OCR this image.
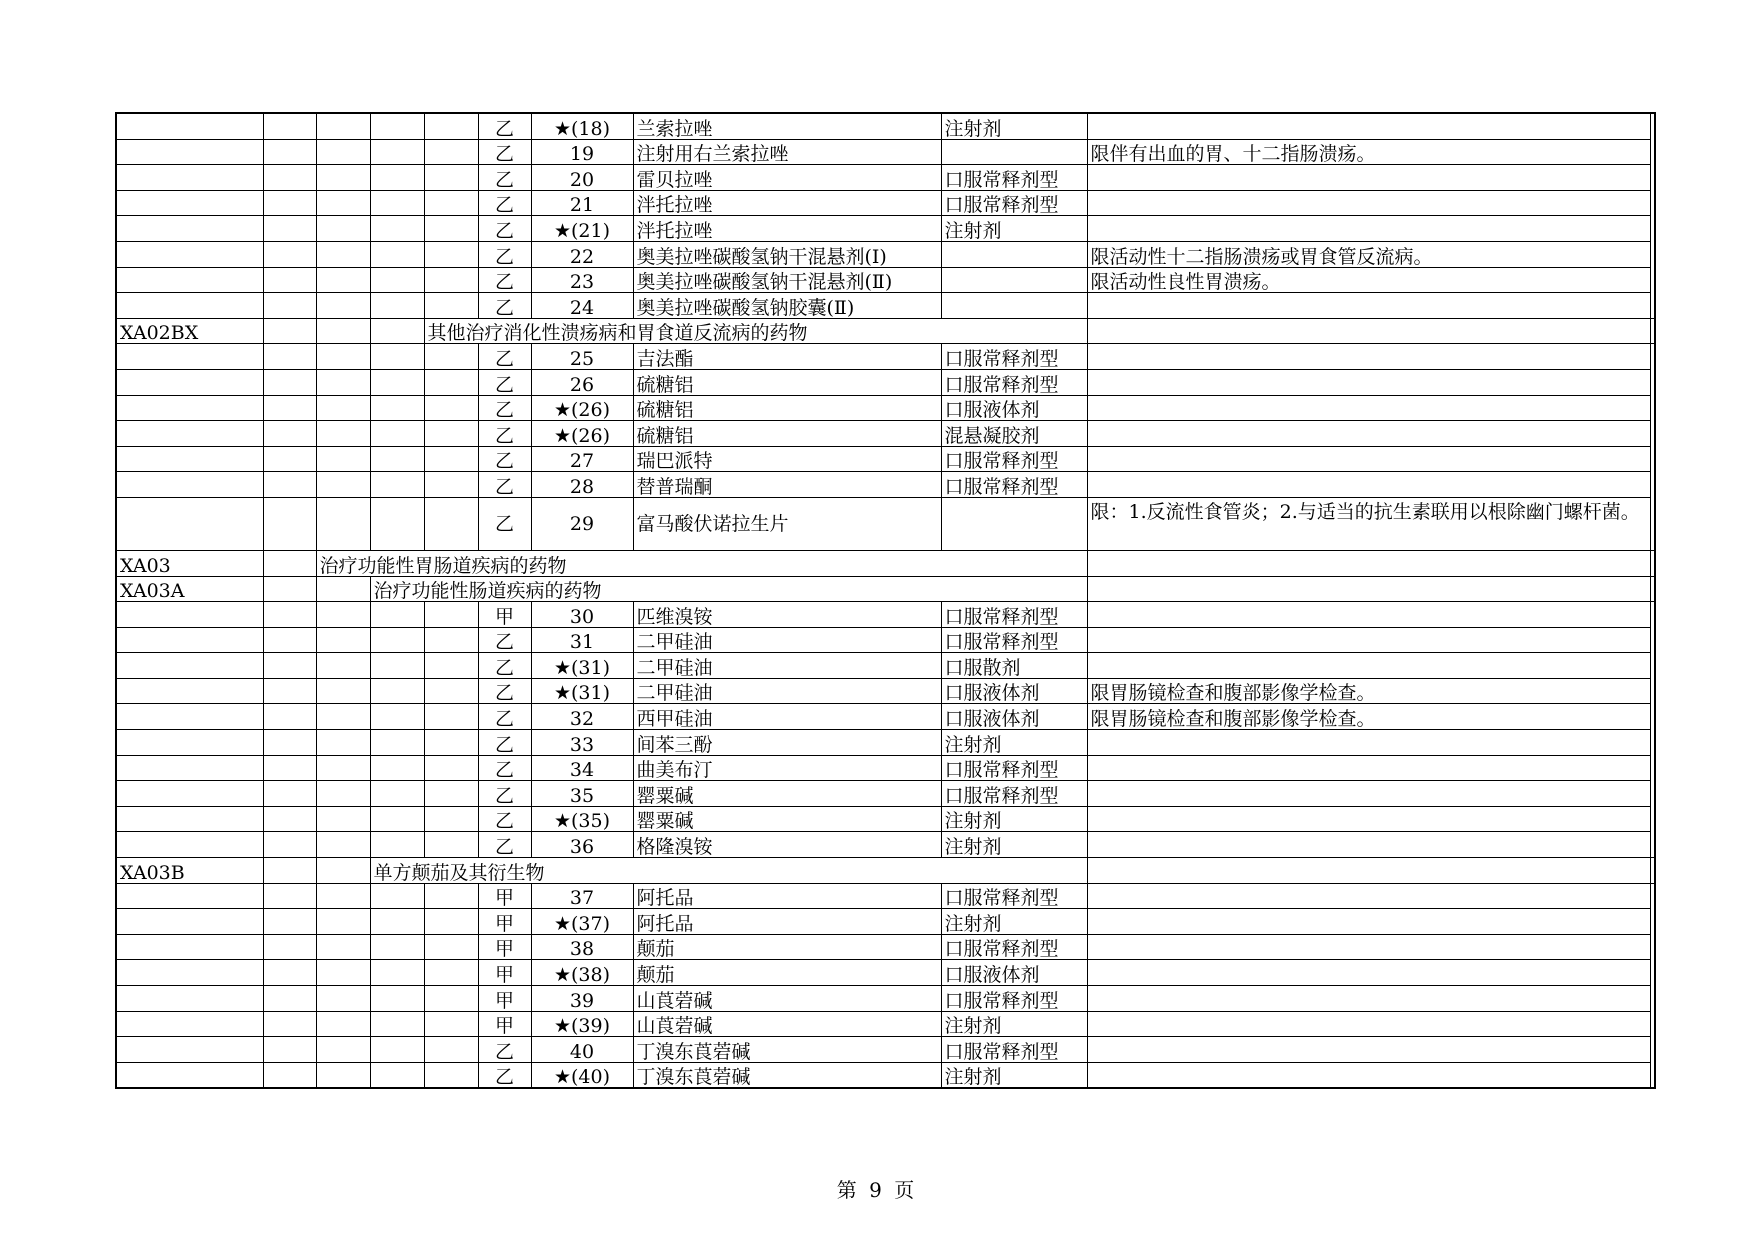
					乙	★(18)	兰索拉唑	注射剂		
					乙	19	注射用右兰索拉唑		限伴有出血的胃、十二指肠溃疡。	
					乙	20	雷贝拉唑	口服常释剂型		
					乙	21	泮托拉唑	口服常释剂型		
					乙	★(21)	泮托拉唑	注射剂		
					乙	22	奥美拉唑碳酸氢钠干混悬剂(Ⅰ)		限活动性十二指肠溃疡或胃食管反流病。	
					乙	23	奥美拉唑碳酸氢钠干混悬剂(Ⅱ)		限活动性良性胃溃疡。	
					乙	24	奥美拉唑碳酸氢钠胶囊(Ⅱ)			
XA02BX				其他治疗消化性溃疡病和胃食道反流病的药物						
					乙	25	吉法酯	口服常释剂型		
					乙	26	硫糖铝	口服常释剂型		
					乙	★(26)	硫糖铝	口服液体剂		
					乙	★(26)	硫糖铝	混悬凝胶剂		
					乙	27	瑞巴派特	口服常释剂型		
					乙	28	替普瑞酮	口服常释剂型		
					乙	29	富马酸伏诺拉生片		限：1.反流性食管炎；2.与适当的抗生素联用以根除幽门螺杆菌。	
XA03		治疗功能性胃肠道疾病的药物								
XA03A			治疗功能性肠道疾病的药物							
					甲	30	匹维溴铵	口服常释剂型		
					乙	31	二甲硅油	口服常释剂型		
					乙	★(31)	二甲硅油	口服散剂		
					乙	★(31)	二甲硅油	口服液体剂	限胃肠镜检查和腹部影像学检查。	
					乙	32	西甲硅油	口服液体剂	限胃肠镜检查和腹部影像学检查。	
					乙	33	间苯三酚	注射剂		
					乙	34	曲美布汀	口服常释剂型		
					乙	35	罂粟碱	口服常释剂型		
					乙	★(35)	罂粟碱	注射剂		
					乙	36	格隆溴铵	注射剂		
XA03B			单方颠茄及其衍生物							
					甲	37	阿托品	口服常释剂型		
					甲	★(37)	阿托品	注射剂		
					甲	38	颠茄	口服常释剂型		
					甲	★(38)	颠茄	口服液体剂		
					甲	39	山莨菪碱	口服常释剂型		
					甲	★(39)	山莨菪碱	注射剂		
					乙	40	丁溴东莨菪碱	口服常释剂型		
					乙	★(40)	丁溴东莨菪碱	注射剂		
第 9 页
